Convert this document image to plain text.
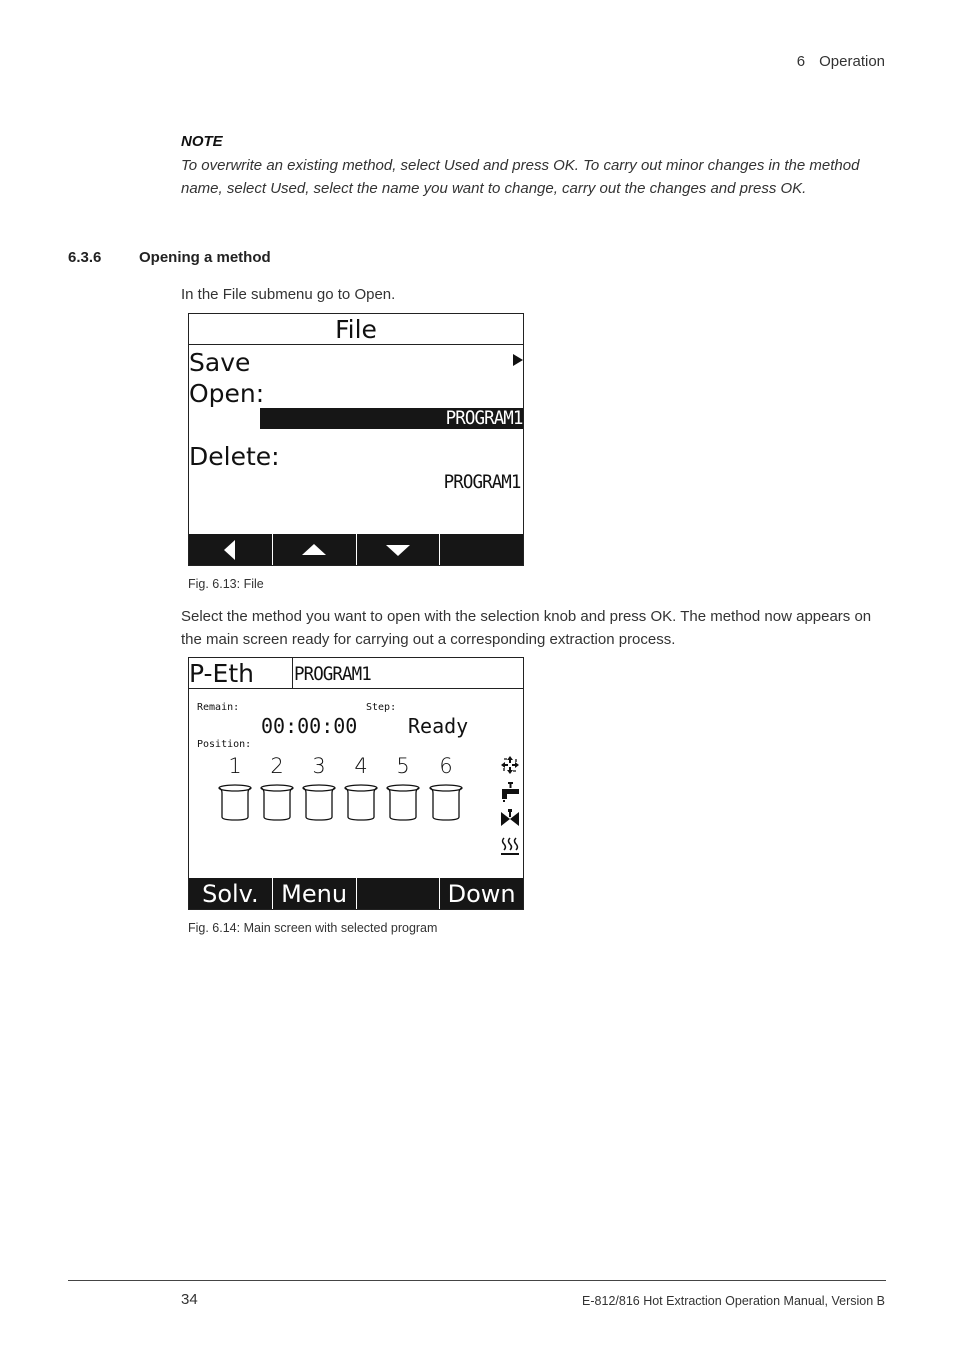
6 Operation
NOTE
To overwrite an existing method, select Used and press OK. To carry out minor changes in the method name, select Used, select the name you want to change, carry out the changes and press OK.
6.3.6	Opening a method
In the File submenu go to Open.
File
Save
Open:
PROGRAM1
Delete:
PROGRAM1
Fig. 6.13: File
Select the method you want to open with the selection knob and press OK. The method now appears on the main screen ready for carrying out a corresponding extraction process.
P-Eth PROGRAM1
Remain:	Step:
00:00:00	Ready
Position:
1	2	3	4	5	6
Solv. Menu	Down
Fig. 6.14: Main screen with selected program
34	E-812/816 Hot Extraction Operation Manual, Version B
